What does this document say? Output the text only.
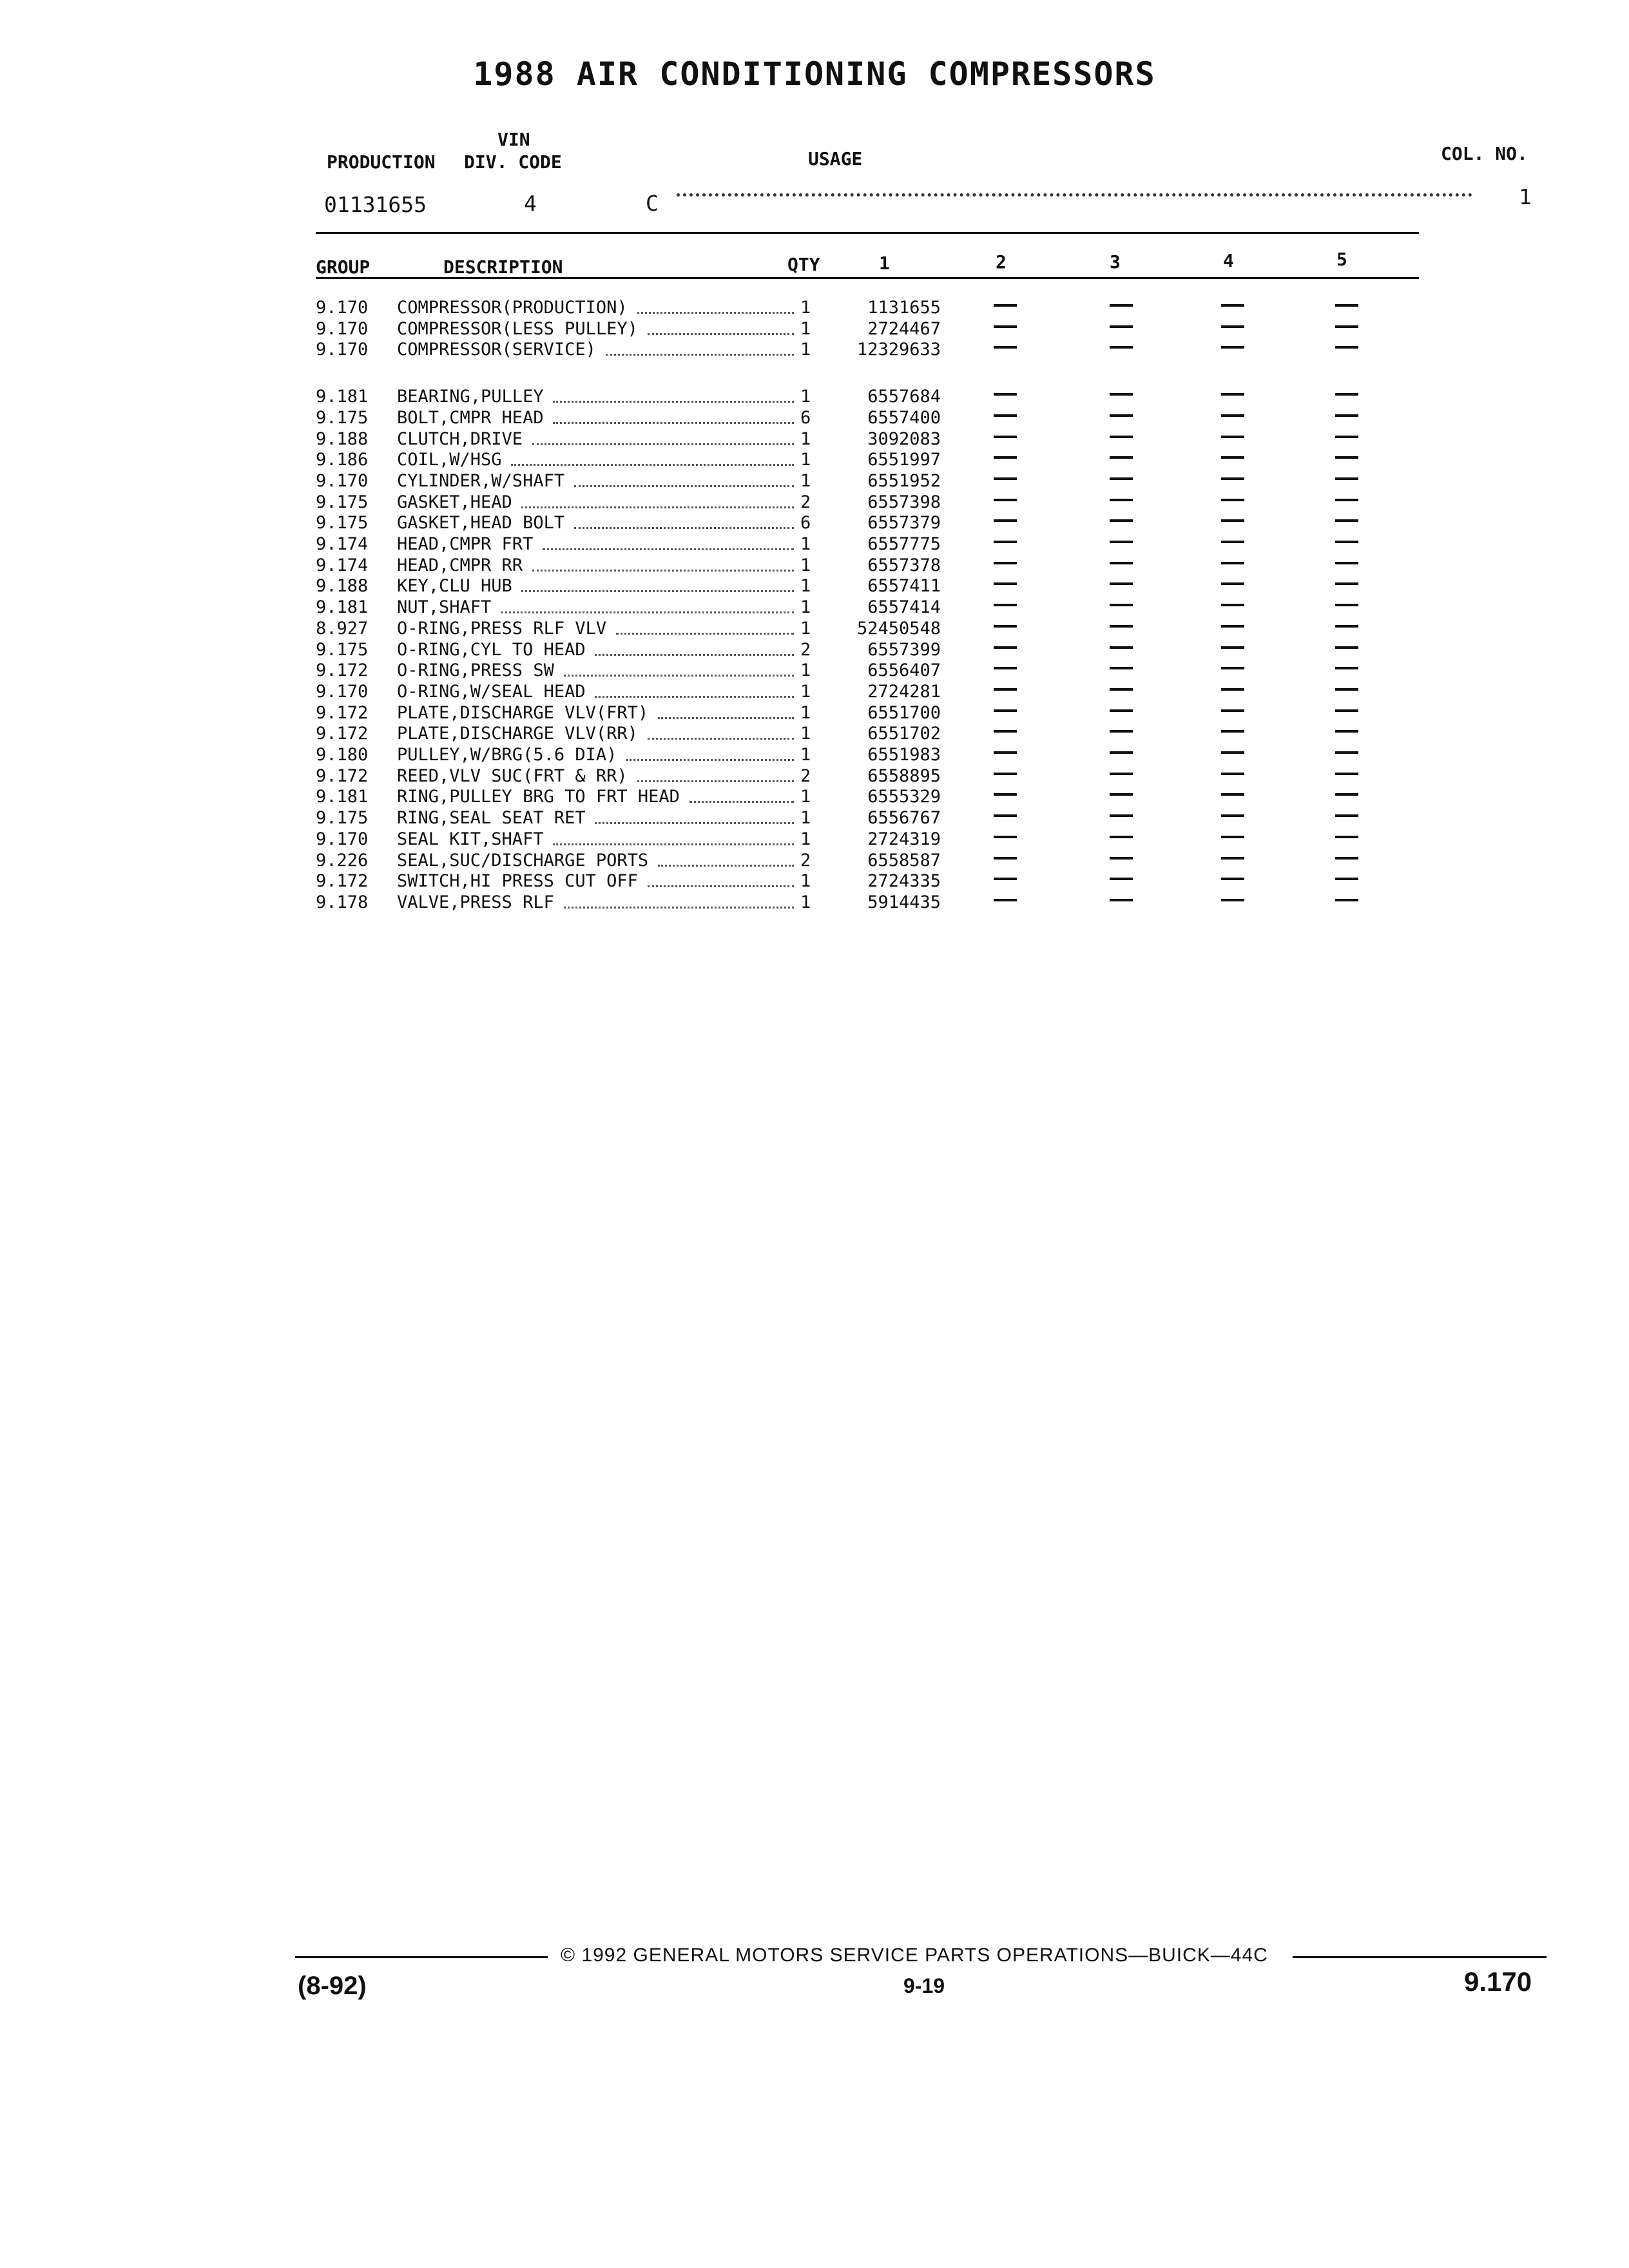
1988 AIR CONDITIONING COMPRESSORS
VIN
PRODUCTION DIV. CODE	USAGE	COL. NO.
01131655	4	C	1
GROUP	DESCRIPTION	QTY	1	2	3	4	5
9.170 COMPRESSOR(PRODUCTION)	1	1131655
9.170 COMPRESSOR(LESS PULLEY)	1	2724467
9.170 COMPRESSOR(SERVICE)	1	12329633
9.181 BEARING,PULLEY	1	6557684
9.175 BOLT,CMPR HEAD	6	6557400
9.188 CLUTCH,DRIVE	1	3092083
9.186 COIL,W/HSG	1	6551997
9.170 CYLINDER,W/SHAFT	1	6551952
9.175 GASKET,HEAD	2	6557398
9.175 GASKET,HEAD BOLT	6	6557379
9.174 HEAD,CMPR FRT	1	6557775
9.174 HEAD,CMPR RR	1	6557378
9.188 KEY,CLU HUB	1	6557411
9.181 NUT,SHAFT	1	6557414
8.927 O-RING,PRESS RLF VLV	1	52450548
9.175 O-RING,CYL TO HEAD	2	6557399
9.172 O-RING,PRESS SW	1	6556407
9.170 O-RING,W/SEAL HEAD	1	2724281
9.172 PLATE,DISCHARGE VLV(FRT)	1	6551700
9.172 PLATE,DISCHARGE VLV(RR)	1	6551702
9.180 PULLEY,W/BRG(5.6 DIA)	1	6551983
9.172 REED,VLV SUC(FRT & RR)	2	6558895
9.181 RING,PULLEY BRG TO FRT HEAD	1	6555329
9.175 RING,SEAL SEAT RET	1	6556767
9.170 SEAL KIT,SHAFT	1	2724319
9.226 SEAL,SUC/DISCHARGE PORTS	2	6558587
9.172 SWITCH,HI PRESS CUT OFF	1	2724335
9.178 VALVE,PRESS RLF	1	5914435
© 1992 GENERAL MOTORS SERVICE PARTS OPERATIONS—BUICK—44C
(8-92)	9-19	9.170
